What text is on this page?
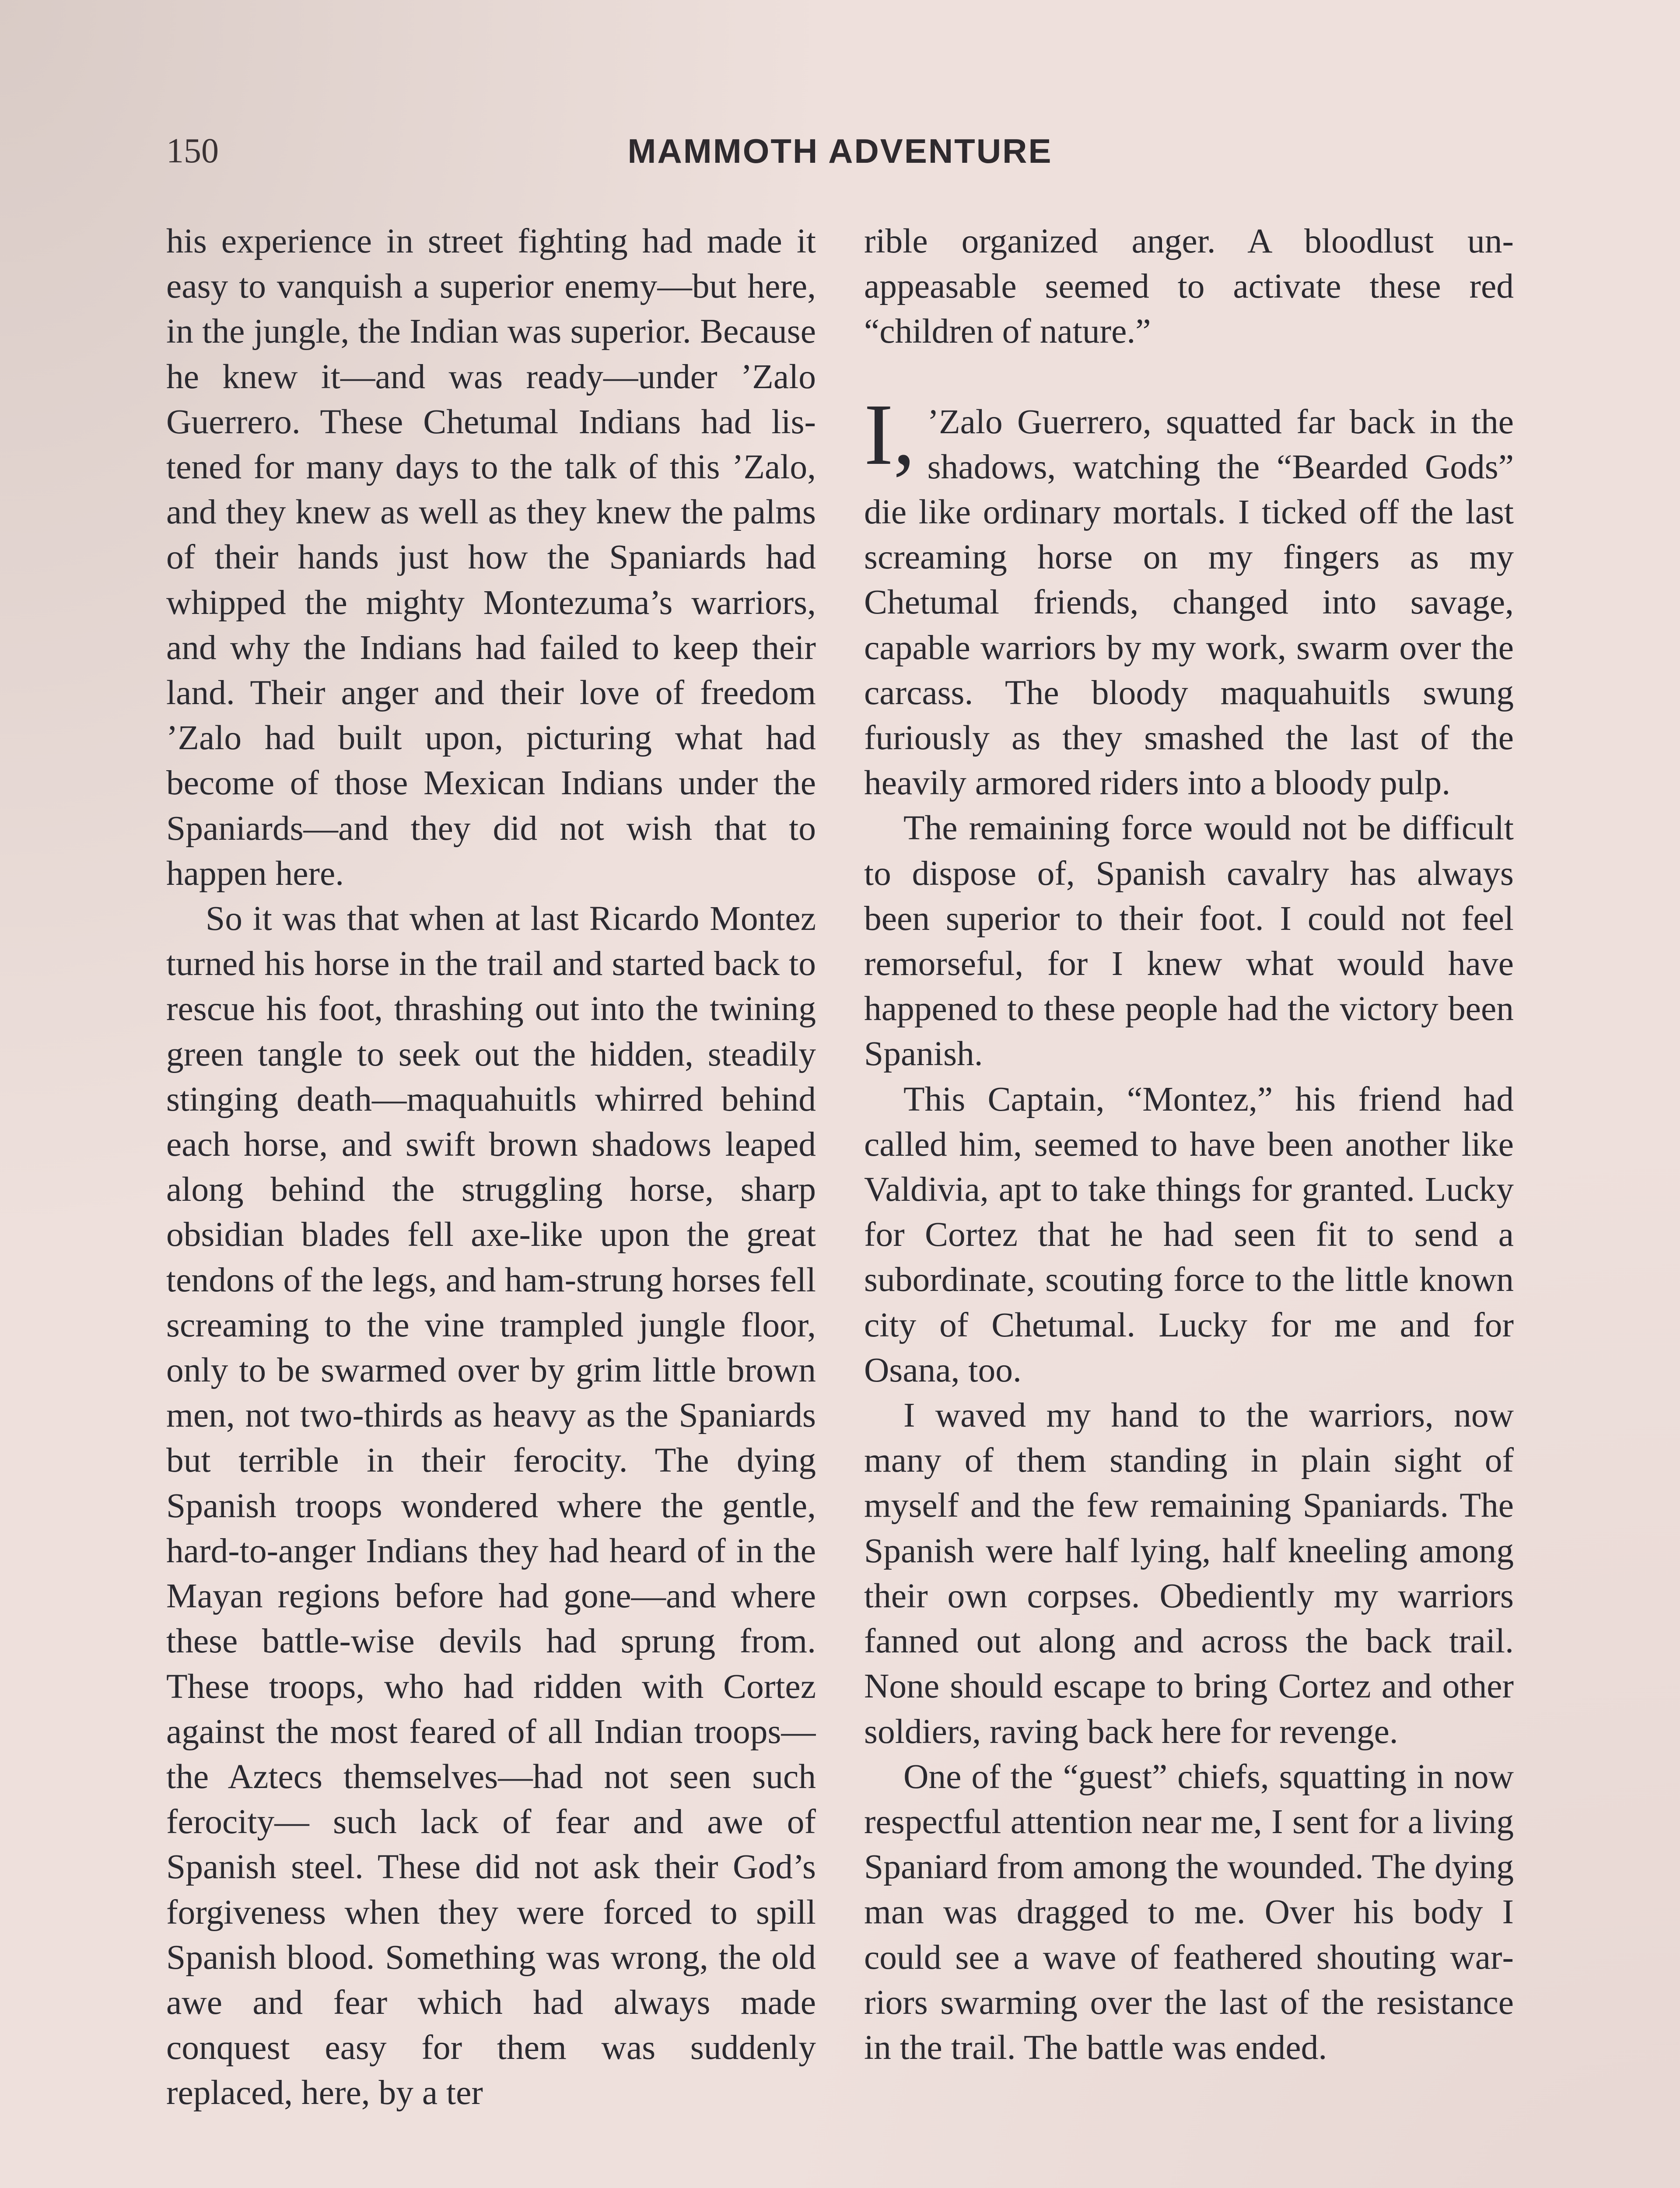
150	MAMMOTH ADVENTURE

his experience in street fighting had made it easy to vanquish a superior enemy—but here, in the jungle, the Indian was superior. Because he knew it—and was ready—under ’Zalo Guerrero. These Chetumal Indians had listened for many days to the talk of this ’Zalo, and they knew as well as they knew the palms of their hands just how the Spaniards had whipped the mighty Montezuma’s warriors, and why the Indians had failed to keep their land. Their anger and their love of freedom ’Zalo had built upon, picturing what had become of those Mexican Indians under the Spaniards—and they did not wish that to happen here.

So it was that when at last Ricardo Montez turned his horse in the trail and started back to rescue his foot, thrashing out into the twining green tangle to seek out the hidden, steadily stinging death—maquahuitls whirred behind each horse, and swift brown shadows leaped along behind the struggling horse, sharp obsidian blades fell axe-like upon the great tendons of the legs, and ham-strung horses fell screaming to the vine trampled jungle floor, only to be swarmed over by grim little brown men, not two-thirds as heavy as the Spaniards but terrible in their ferocity. The dying Spanish troops wondered where the gentle, hard-to-anger Indians they had heard of in the Mayan regions before had gone—and where these battle-wise devils had sprung from. These troops, who had ridden with Cortez against the most feared of all Indian troops—the Aztecs themselves—had not seen such ferocity— such lack of fear and awe of Spanish steel. These did not ask their God’s forgiveness when they were forced to spill Spanish blood. Something was wrong, the old awe and fear which had always made conquest easy for them was suddenly replaced, here, by a ter

rible organized anger. A bloodlust unappeasable seemed to activate these red “children of nature.”

I, ’Zalo Guerrero, squatted far back in the shadows, watching the “Bearded Gods” die like ordinary mortals. I ticked off the last screaming horse on my fingers as my Chetumal friends, changed into savage, capable warriors by my work, swarm over the carcass. The bloody maquahuitls swung furiously as they smashed the last of the heavily armored riders into a bloody pulp.

The remaining force would not be difficult to dispose of, Spanish cavalry has always been superior to their foot. I could not feel remorseful, for I knew what would have happened to these people had the victory been Spanish.

This Captain, “Montez,” his friend had called him, seemed to have been another like Valdivia, apt to take things for granted. Lucky for Cortez that he had seen fit to send a subordinate, scouting force to the little known city of Chetumal. Lucky for me and for Osana, too.

I waved my hand to the warriors, now many of them standing in plain sight of myself and the few remaining Spaniards. The Spanish were half lying, half kneeling among their own corpses. Obediently my warriors fanned out along and across the back trail. None should escape to bring Cortez and other soldiers, raving back here for revenge.

One of the “guest” chiefs, squatting in now respectful attention near me, I sent for a living Spaniard from among the wounded. The dying man was dragged to me. Over his body I could see a wave of feathered shouting warriors swarming over the last of the resistance in the trail. The battle was ended.
